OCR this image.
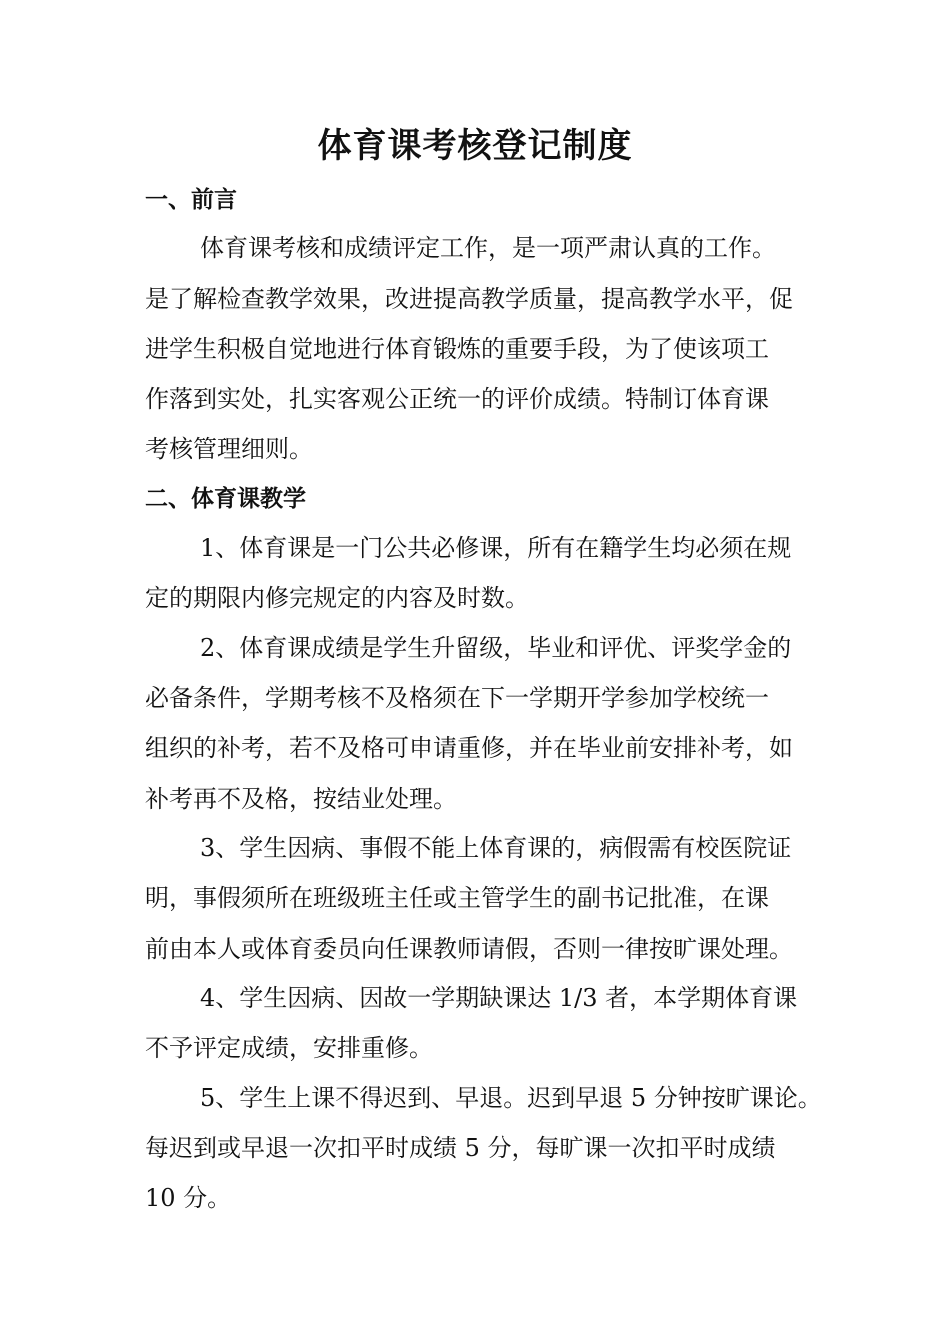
体育课考核登记制度
一、前言
体育课考核和成绩评定工作，是一项严肃认真的工作。
是了解检查教学效果，改进提高教学质量，提高教学水平，促
进学生积极自觉地进行体育锻炼的重要手段，为了使该项工
作落到实处，扎实客观公正统一的评价成绩。特制订体育课
考核管理细则。
二、体育课教学
1、体育课是一门公共必修课，所有在籍学生均必须在规
定的期限内修完规定的内容及时数。
2、体育课成绩是学生升留级，毕业和评优、评奖学金的
必备条件，学期考核不及格须在下一学期开学参加学校统一
组织的补考，若不及格可申请重修，并在毕业前安排补考，如
补考再不及格，按结业处理。
3、学生因病、事假不能上体育课的，病假需有校医院证
明，事假须所在班级班主任或主管学生的副书记批准，在课
前由本人或体育委员向任课教师请假，否则一律按旷课处理。
4、学生因病、因故一学期缺课达 1/3 者，本学期体育课
不予评定成绩，安排重修。
5、学生上课不得迟到、早退。迟到早退 5 分钟按旷课论。
每迟到或早退一次扣平时成绩 5 分，每旷课一次扣平时成绩
10 分。
